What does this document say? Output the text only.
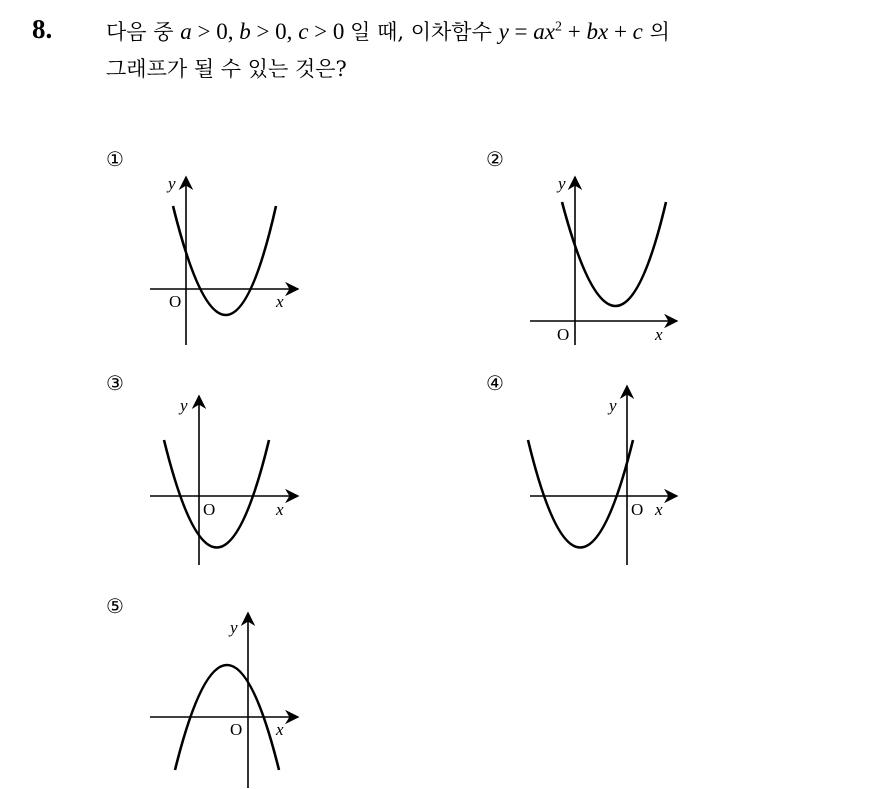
8.	다음 중 a > 0, b > 0, c > 0 일 때, 이차함수 $y = ax^2$ + bx + c 의
그래프가 될 수 있는 것은?
①
y
x
O
②
y
x
O
③
y
x
O
④
y
x
O
⑤
y
x
O
